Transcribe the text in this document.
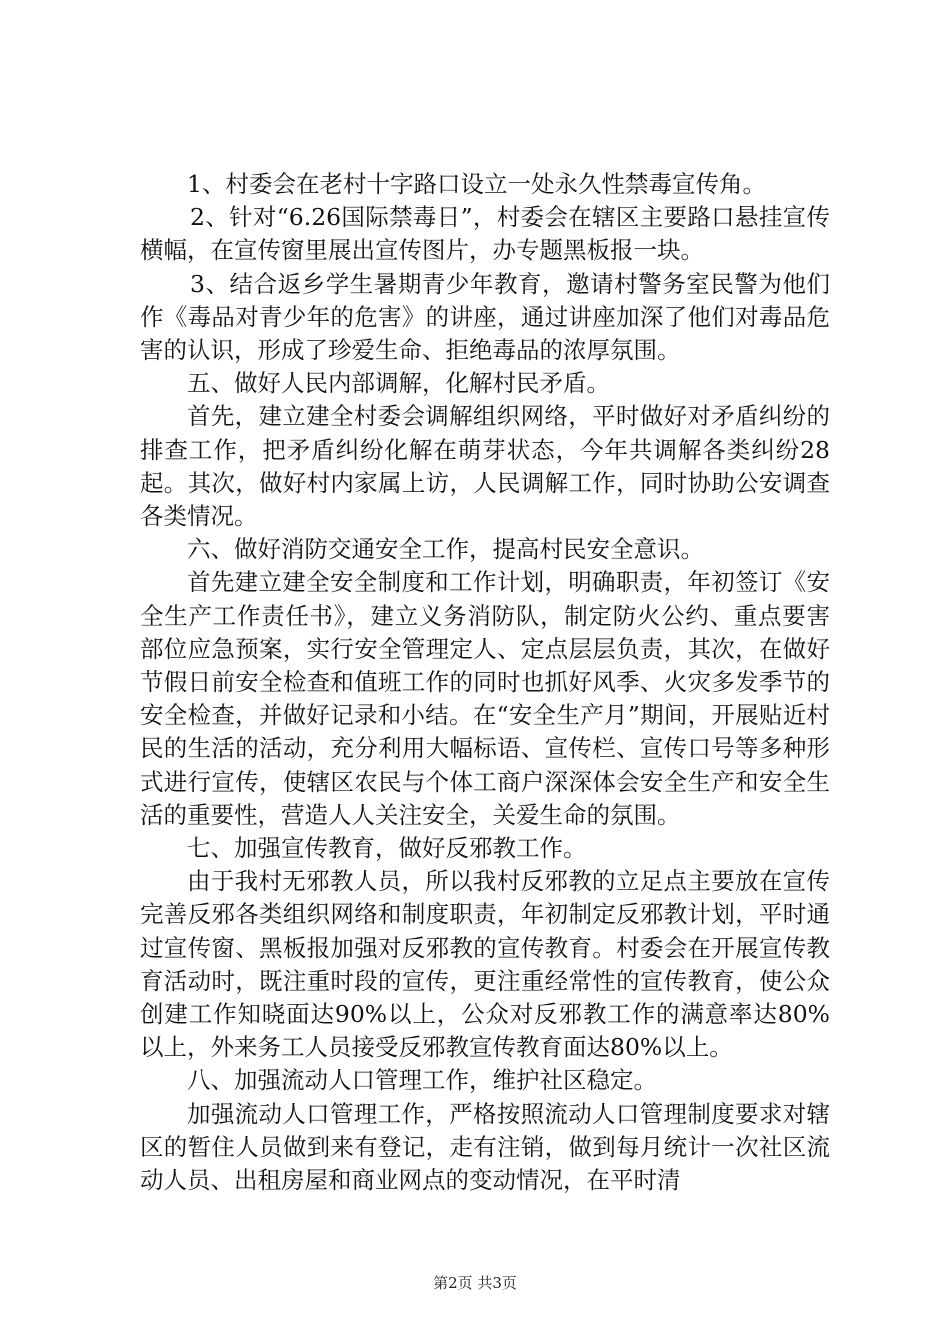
1、村委会在老村十字路口设立一处永久性禁毒宣传角。

2、针对“6.26国际禁毒日”，村委会在辖区主要路口悬挂宣传横幅，在宣传窗里展出宣传图片，办专题黑板报一块。

3、结合返乡学生暑期青少年教育，邀请村警务室民警为他们作《毒品对青少年的危害》的讲座，通过讲座加深了他们对毒品危害的认识，形成了珍爱生命、拒绝毒品的浓厚氛围。

五、做好人民内部调解，化解村民矛盾。

首先，建立建全村委会调解组织网络，平时做好对矛盾纠纷的排查工作，把矛盾纠纷化解在萌芽状态，今年共调解各类纠纷28起。其次，做好村内家属上访，人民调解工作，同时协助公安调查各类情况。

六、做好消防交通安全工作，提高村民安全意识。

首先建立建全安全制度和工作计划，明确职责，年初签订《安全生产工作责任书》，建立义务消防队，制定防火公约、重点要害部位应急预案，实行安全管理定人、定点层层负责，其次，在做好节假日前安全检查和值班工作的同时也抓好风季、火灾多发季节的安全检查，并做好记录和小结。在“安全生产月”期间，开展贴近村民的生活的活动，充分利用大幅标语、宣传栏、宣传口号等多种形式进行宣传，使辖区农民与个体工商户深深体会安全生产和安全生活的重要性，营造人人关注安全，关爱生命的氛围。

七、加强宣传教育，做好反邪教工作。

由于我村无邪教人员，所以我村反邪教的立足点主要放在宣传完善反邪各类组织网络和制度职责，年初制定反邪教计划，平时通过宣传窗、黑板报加强对反邪教的宣传教育。村委会在开展宣传教育活动时，既注重时段的宣传，更注重经常性的宣传教育，使公众创建工作知晓面达90%以上，公众对反邪教工作的满意率达80%以上，外来务工人员接受反邪教宣传教育面达80%以上。

八、加强流动人口管理工作，维护社区稳定。

加强流动人口管理工作，严格按照流动人口管理制度要求对辖区的暂住人员做到来有登记，走有注销，做到每月统计一次社区流动人员、出租房屋和商业网点的变动情况，在平时清

第2页 共3页
